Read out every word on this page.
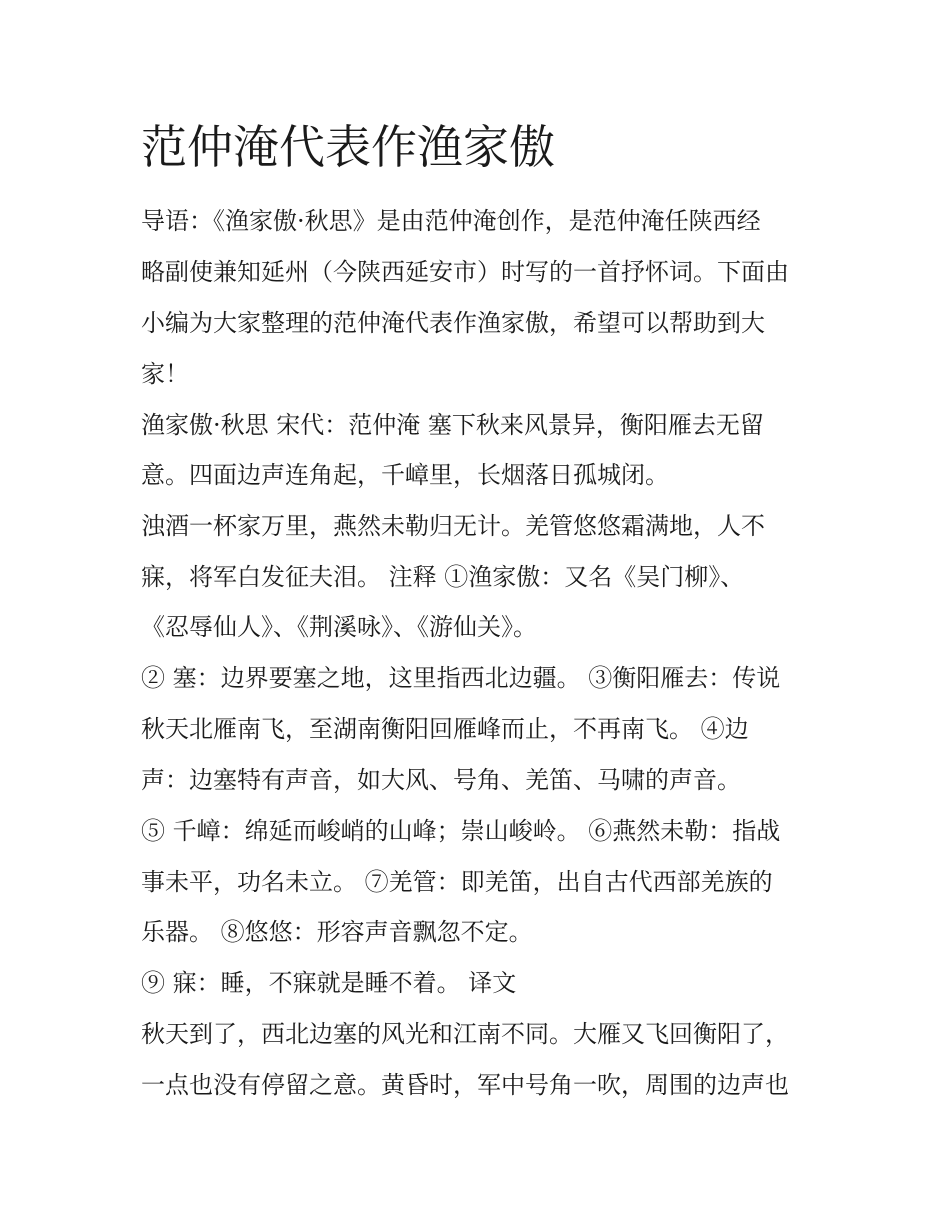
范仲淹代表作渔家傲

导语：《渔家傲·秋思》是由范仲淹创作，是范仲淹任陕西经

略副使兼知延州（今陕西延安市）时写的一首抒怀词。下面由

小编为大家整理的范仲淹代表作渔家傲，希望可以帮助到大

家！

渔家傲·秋思 宋代：范仲淹 塞下秋来风景异，衡阳雁去无留

意。四面边声连角起，千嶂里，长烟落日孤城闭。

浊酒一杯家万里，燕然未勒归无计。羌管悠悠霜满地，人不

寐，将军白发征夫泪。 注释 ①渔家傲：又名《吴门柳》、

《忍辱仙人》、《荆溪咏》、《游仙关》。

② 塞：边界要塞之地，这里指西北边疆。 ③衡阳雁去：传说

秋天北雁南飞，至湖南衡阳回雁峰而止，不再南飞。 ④边

声：边塞特有声音，如大风、号角、羌笛、马啸的声音。

⑤ 千嶂：绵延而峻峭的山峰；崇山峻岭。 ⑥燕然未勒：指战

事未平，功名未立。 ⑦羌管：即羌笛，出自古代西部羌族的

乐器。 ⑧悠悠：形容声音飘忽不定。

⑨ 寐：睡，不寐就是睡不着。 译文

秋天到了，西北边塞的风光和江南不同。大雁又飞回衡阳了，

一点也没有停留之意。黄昏时，军中号角一吹，周围的边声也
